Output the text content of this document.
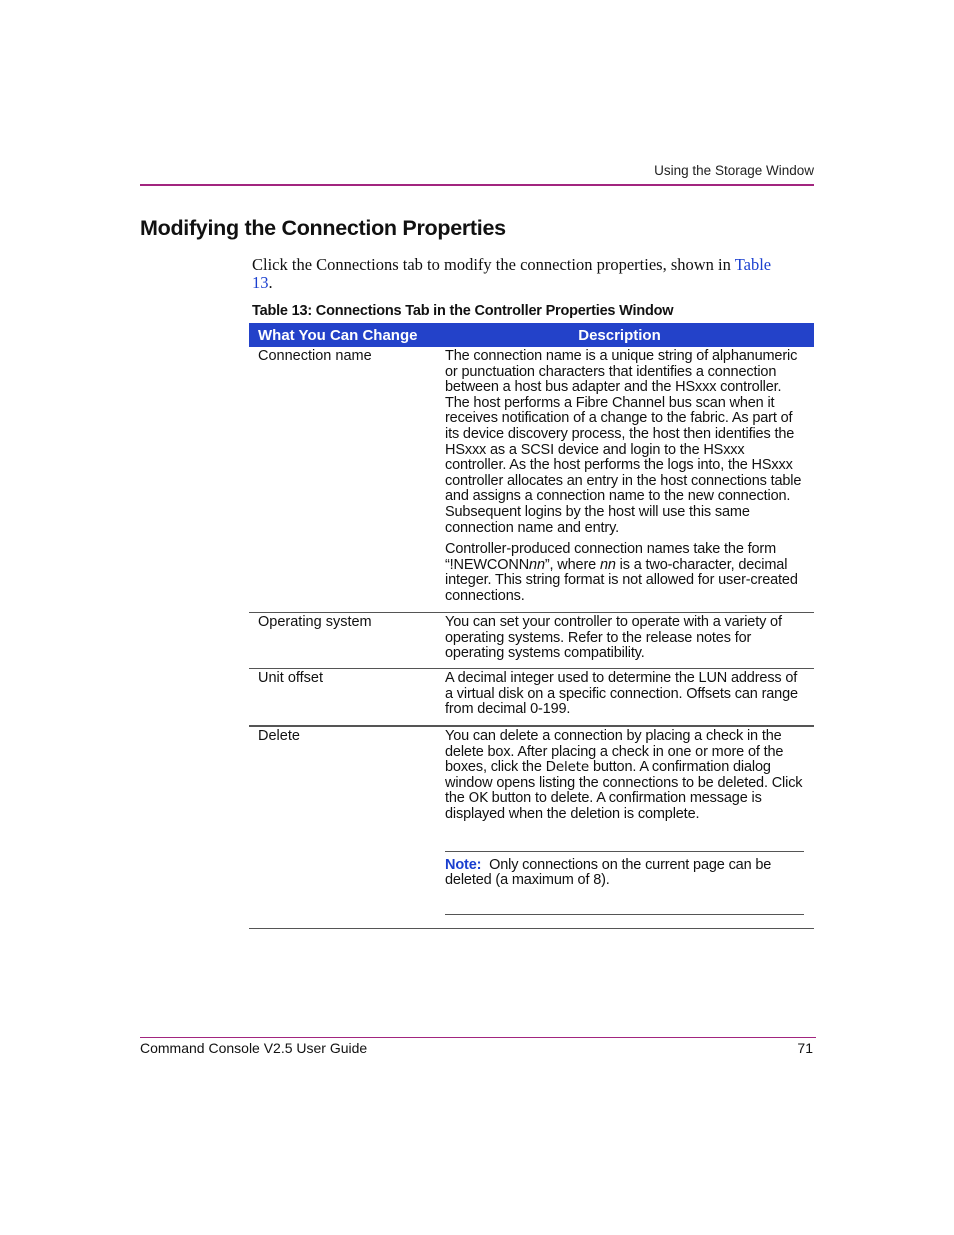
Using the Storage Window
Modifying the Connection Properties

Click the Connections tab to modify the connection properties, shown in Table 13.

Table 13: Connections Tab in the Controller Properties Window
What You Can Change	Description
Connection name	The connection name is a unique string of alphanumeric or punctuation characters that identifies a connection between a host bus adapter and the HSxxx controller. The host performs a Fibre Channel bus scan when it receives notification of a change to the fabric. As part of its device discovery process, the host then identifies the HSxxx as a SCSI device and login to the HSxxx controller. As the host performs the logs into, the HSxxx controller allocates an entry in the host connections table and assigns a connection name to the new connection. Subsequent logins by the host will use this same connection name and entry.

Controller-produced connection names take the form “!NEWCONNnn”, where nn is a two-character, decimal integer. This string format is not allowed for user-created connections.

Operating system	You can set your controller to operate with a variety of operating systems. Refer to the release notes for operating systems compatibility.

Unit offset	A decimal integer used to determine the LUN address of a virtual disk on a specific connection. Offsets can range from decimal 0-199.

Delete	You can delete a connection by placing a check in the delete box. After placing a check in one or more of the boxes, click the Delete button. A confirmation dialog window opens listing the connections to be deleted. Click the OK button to delete. A confirmation message is displayed when the deletion is complete.

Note: Only connections on the current page can be deleted (a maximum of 8).
Command Console V2.5 User Guide	71
